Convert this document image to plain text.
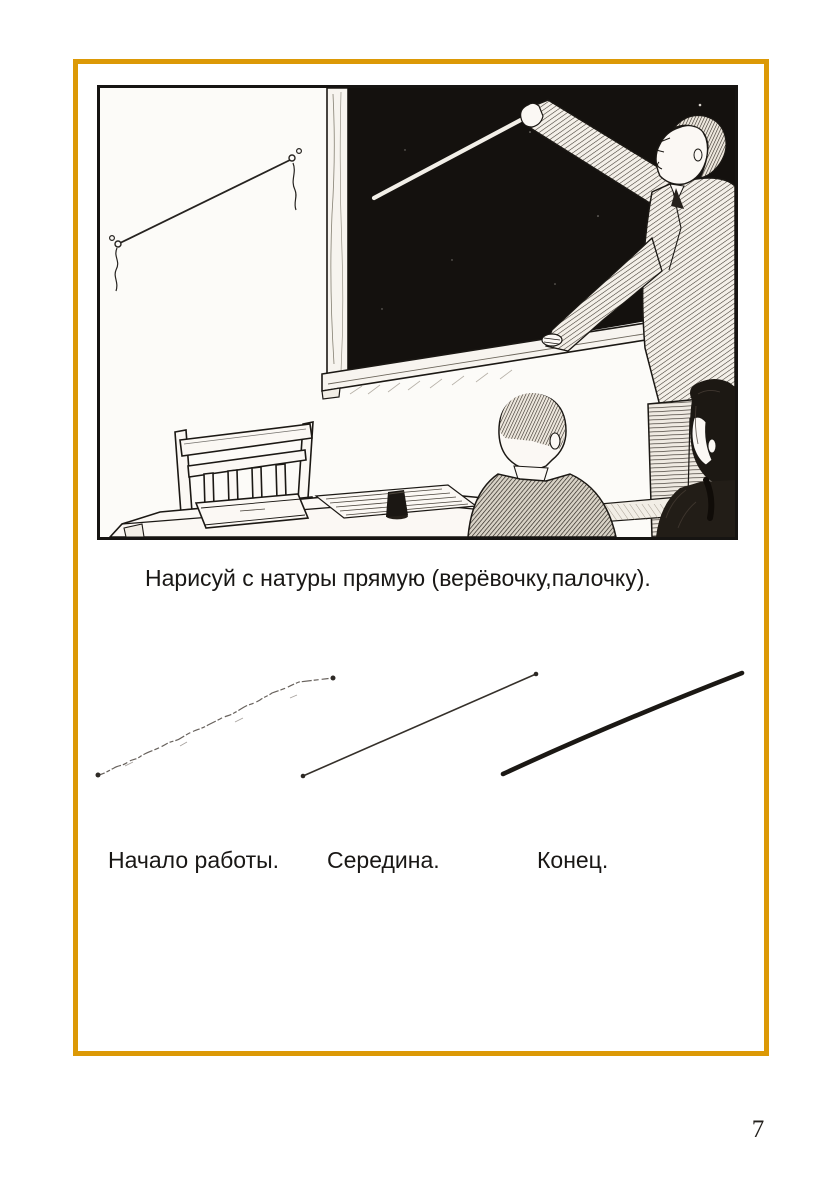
Нарисуй с натуры прямую (верёвочку,палочку).

Начало работы. Середина.	Конец.

7
